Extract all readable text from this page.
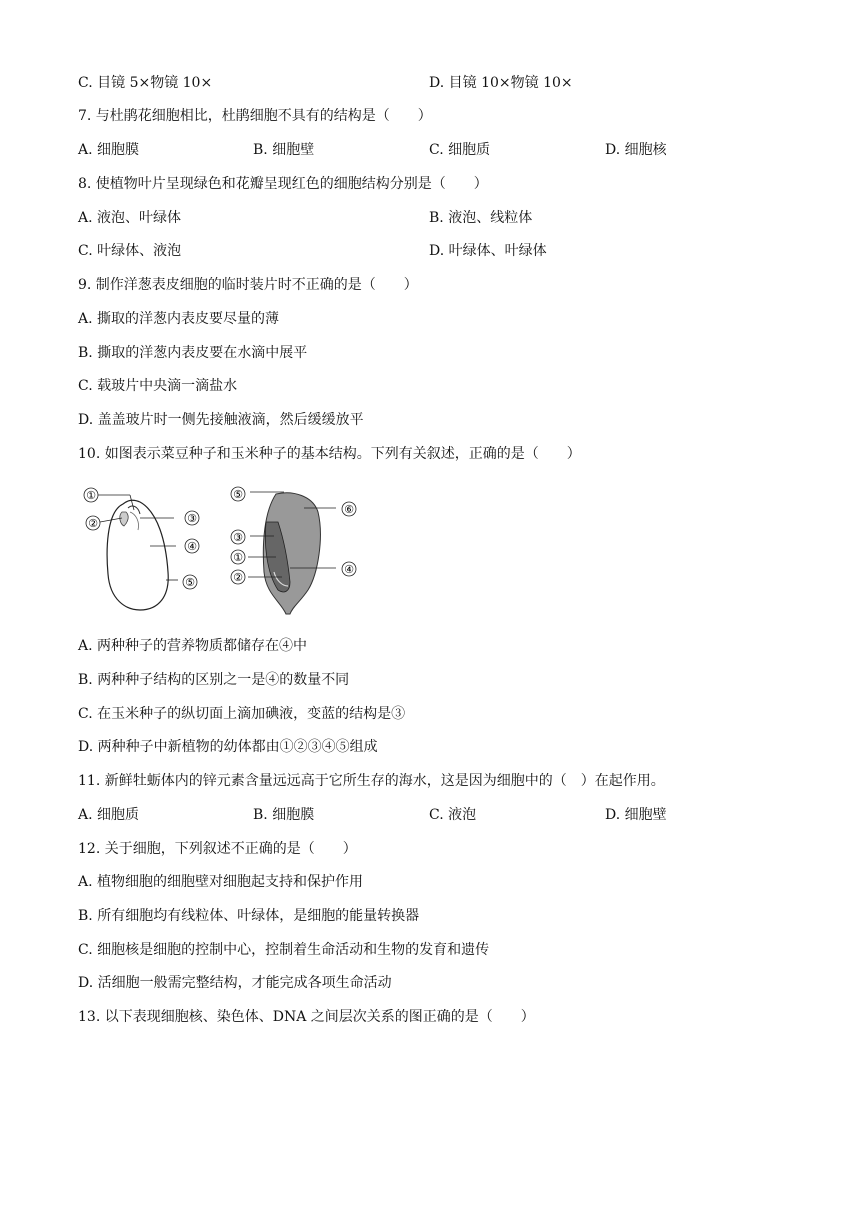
C. 目镜 5×物镜 10×	D. 目镜 10×物镜 10×
7. 与杜鹃花细胞相比，杜鹃细胞不具有的结构是（　　）
A. 细胞膜	B. 细胞壁	C. 细胞质	D. 细胞核
8. 使植物叶片呈现绿色和花瓣呈现红色的细胞结构分别是（　　）
A. 液泡、叶绿体	B. 液泡、线粒体
C. 叶绿体、液泡	D. 叶绿体、叶绿体
9. 制作洋葱表皮细胞的临时装片时不正确的是（　　）
A. 撕取的洋葱内表皮要尽量的薄
B. 撕取的洋葱内表皮要在水滴中展平
C. 载玻片中央滴一滴盐水
D. 盖盖玻片时一侧先接触液滴，然后缓缓放平
10. 如图表示菜豆种子和玉米种子的基本结构。下列有关叙述，正确的是（　　）
①
②	③
④
⑤
⑤
⑥
③
①
②
④
A. 两种种子的营养物质都储存在④中
B. 两种种子结构的区别之一是④的数量不同
C. 在玉米种子的纵切面上滴加碘液，变蓝的结构是③
D. 两种种子中新植物的幼体都由①②③④⑤组成
11. 新鲜牡蛎体内的锌元素含量远远高于它所生存的海水，这是因为细胞中的（　）在起作用。
A. 细胞质	B. 细胞膜	C. 液泡	D. 细胞壁
12. 关于细胞，下列叙述不正确的是（　　）
A. 植物细胞的细胞壁对细胞起支持和保护作用
B. 所有细胞均有线粒体、叶绿体，是细胞的能量转换器
C. 细胞核是细胞的控制中心，控制着生命活动和生物的发育和遗传
D. 活细胞一般需完整结构，才能完成各项生命活动
13. 以下表现细胞核、染色体、DNA 之间层次关系的图正确的是（　　）
